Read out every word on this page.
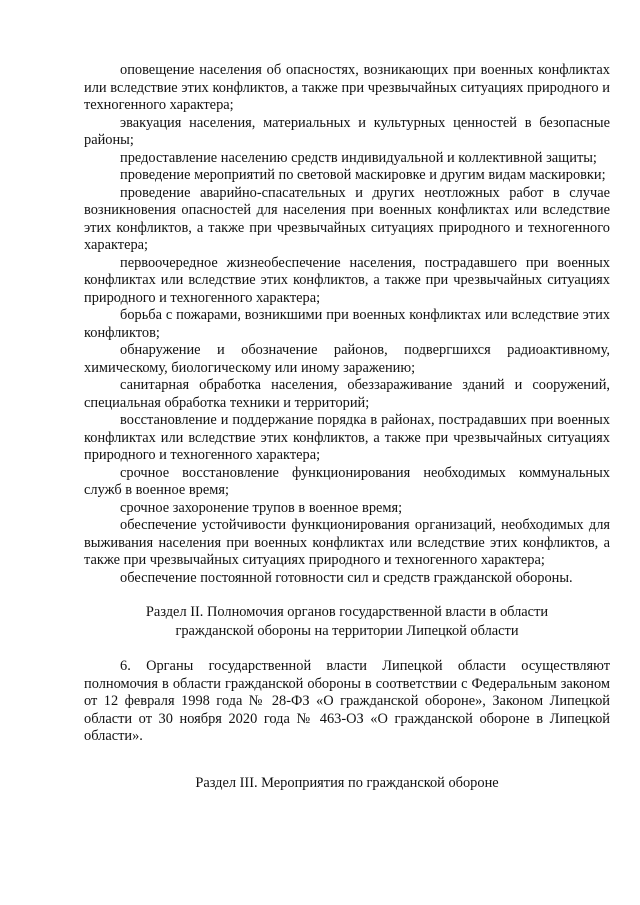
оповещение населения об опасностях, возникающих при военных конфликтах или вследствие этих конфликтов, а также при чрезвычайных ситуациях природного и техногенного характера;

эвакуация населения, материальных и культурных ценностей в безопасные районы;

предоставление населению средств индивидуальной и коллективной защиты;

проведение мероприятий по световой маскировке и другим видам маскировки;

проведение аварийно-спасательных и других неотложных работ в случае возникновения опасностей для населения при военных конфликтах или вследствие этих конфликтов, а также при чрезвычайных ситуациях природного и техногенного характера;

первоочередное жизнеобеспечение населения, пострадавшего при военных конфликтах или вследствие этих конфликтов, а также при чрезвычайных ситуациях природного и техногенного характера;

борьба с пожарами, возникшими при военных конфликтах или вследствие этих конфликтов;

обнаружение и обозначение районов, подвергшихся радиоактивному, химическому, биологическому или иному заражению;

санитарная обработка населения, обеззараживание зданий и сооружений, специальная обработка техники и территорий;

восстановление и поддержание порядка в районах, пострадавших при военных конфликтах или вследствие этих конфликтов, а также при чрезвычайных ситуациях природного и техногенного характера;

срочное восстановление функционирования необходимых коммунальных служб в военное время;

срочное захоронение трупов в военное время;

обеспечение устойчивости функционирования организаций, необходимых для выживания населения при военных конфликтах или вследствие этих конфликтов, а также при чрезвычайных ситуациях природного и техногенного характера;

обеспечение постоянной готовности сил и средств гражданской обороны.

Раздел II. Полномочия органов государственной власти в области гражданской обороны на территории Липецкой области

6. Органы государственной власти Липецкой области осуществляют полномочия в области гражданской обороны в соответствии с Федеральным законом от 12 февраля 1998 года № 28-ФЗ «О гражданской обороне», Законом Липецкой области от 30 ноября 2020 года № 463-ОЗ «О гражданской обороне в Липецкой области».

Раздел III. Мероприятия по гражданской обороне
